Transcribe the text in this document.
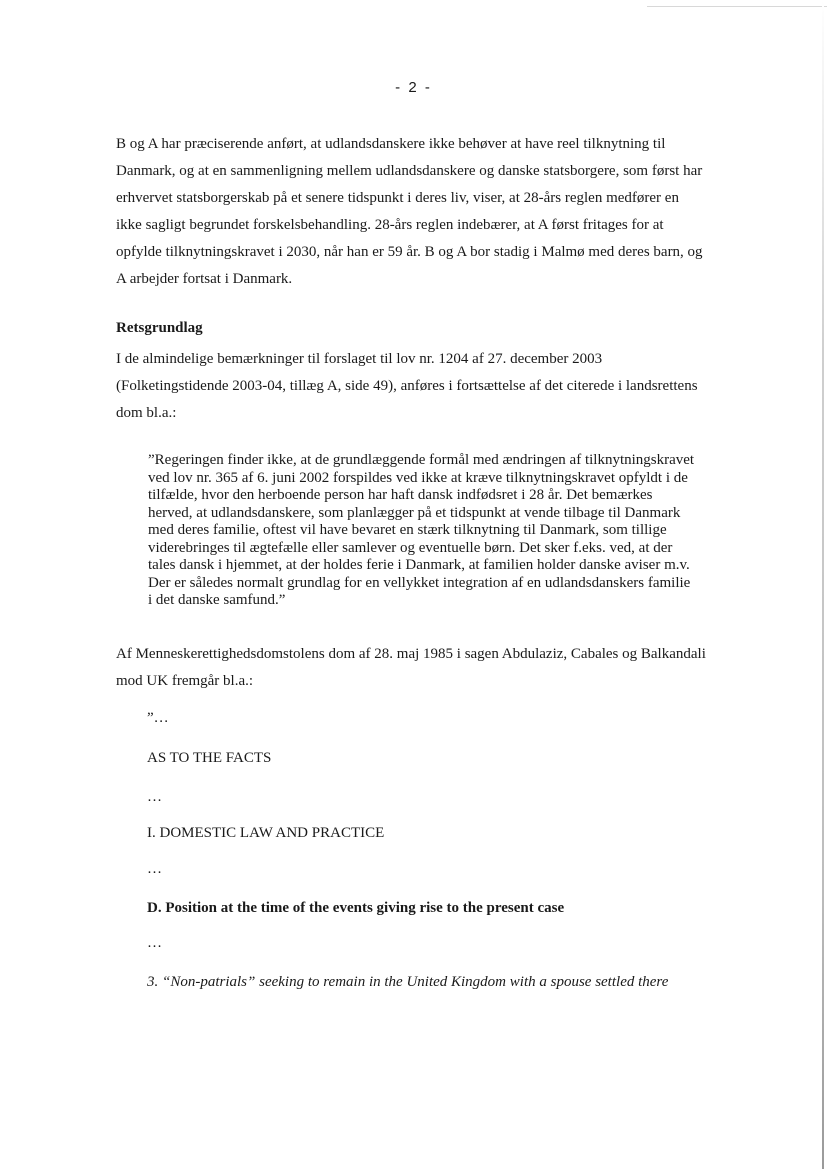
- 2 -

B og A har præciserende anført, at udlandsdanskere ikke behøver at have reel tilknytning til Danmark, og at en sammenligning mellem udlandsdanskere og danske statsborgere, som først har erhvervet statsborgerskab på et senere tidspunkt i deres liv, viser, at 28-års reglen medfører en ikke sagligt begrundet forskelsbehandling. 28-års reglen indebærer, at A først fritages for at opfylde tilknytningskravet i 2030, når han er 59 år. B og A bor stadig i Malmø med deres barn, og A arbejder fortsat i Danmark.

Retsgrundlag

I de almindelige bemærkninger til forslaget til lov nr. 1204 af 27. december 2003 (Folketingstidende 2003-04, tillæg A, side 49), anføres i fortsættelse af det citerede i landsrettens dom bl.a.:

”Regeringen finder ikke, at de grundlæggende formål med ændringen af tilknytningskravet ved lov nr. 365 af 6. juni 2002 forspildes ved ikke at kræve tilknytningskravet opfyldt i de tilfælde, hvor den herboende person har haft dansk indfødsret i 28 år. Det bemærkes herved, at udlandsdanskere, som planlægger på et tidspunkt at vende tilbage til Danmark med deres familie, oftest vil have bevaret en stærk tilknytning til Danmark, som tillige viderebringes til ægtefælle eller samlever og eventuelle børn. Det sker f.eks. ved, at der tales dansk i hjemmet, at der holdes ferie i Danmark, at familien holder danske aviser m.v. Der er således normalt grundlag for en vellykket integration af en udlandsdanskers familie i det danske samfund.”

Af Menneskerettighedsdomstolens dom af 28. maj 1985 i sagen Abdulaziz, Cabales og Balkandali mod UK fremgår bl.a.:

”…

AS TO THE FACTS

…

I. DOMESTIC LAW AND PRACTICE

…

D. Position at the time of the events giving rise to the present case

…

3. “Non-patrials” seeking to remain in the United Kingdom with a spouse settled there
